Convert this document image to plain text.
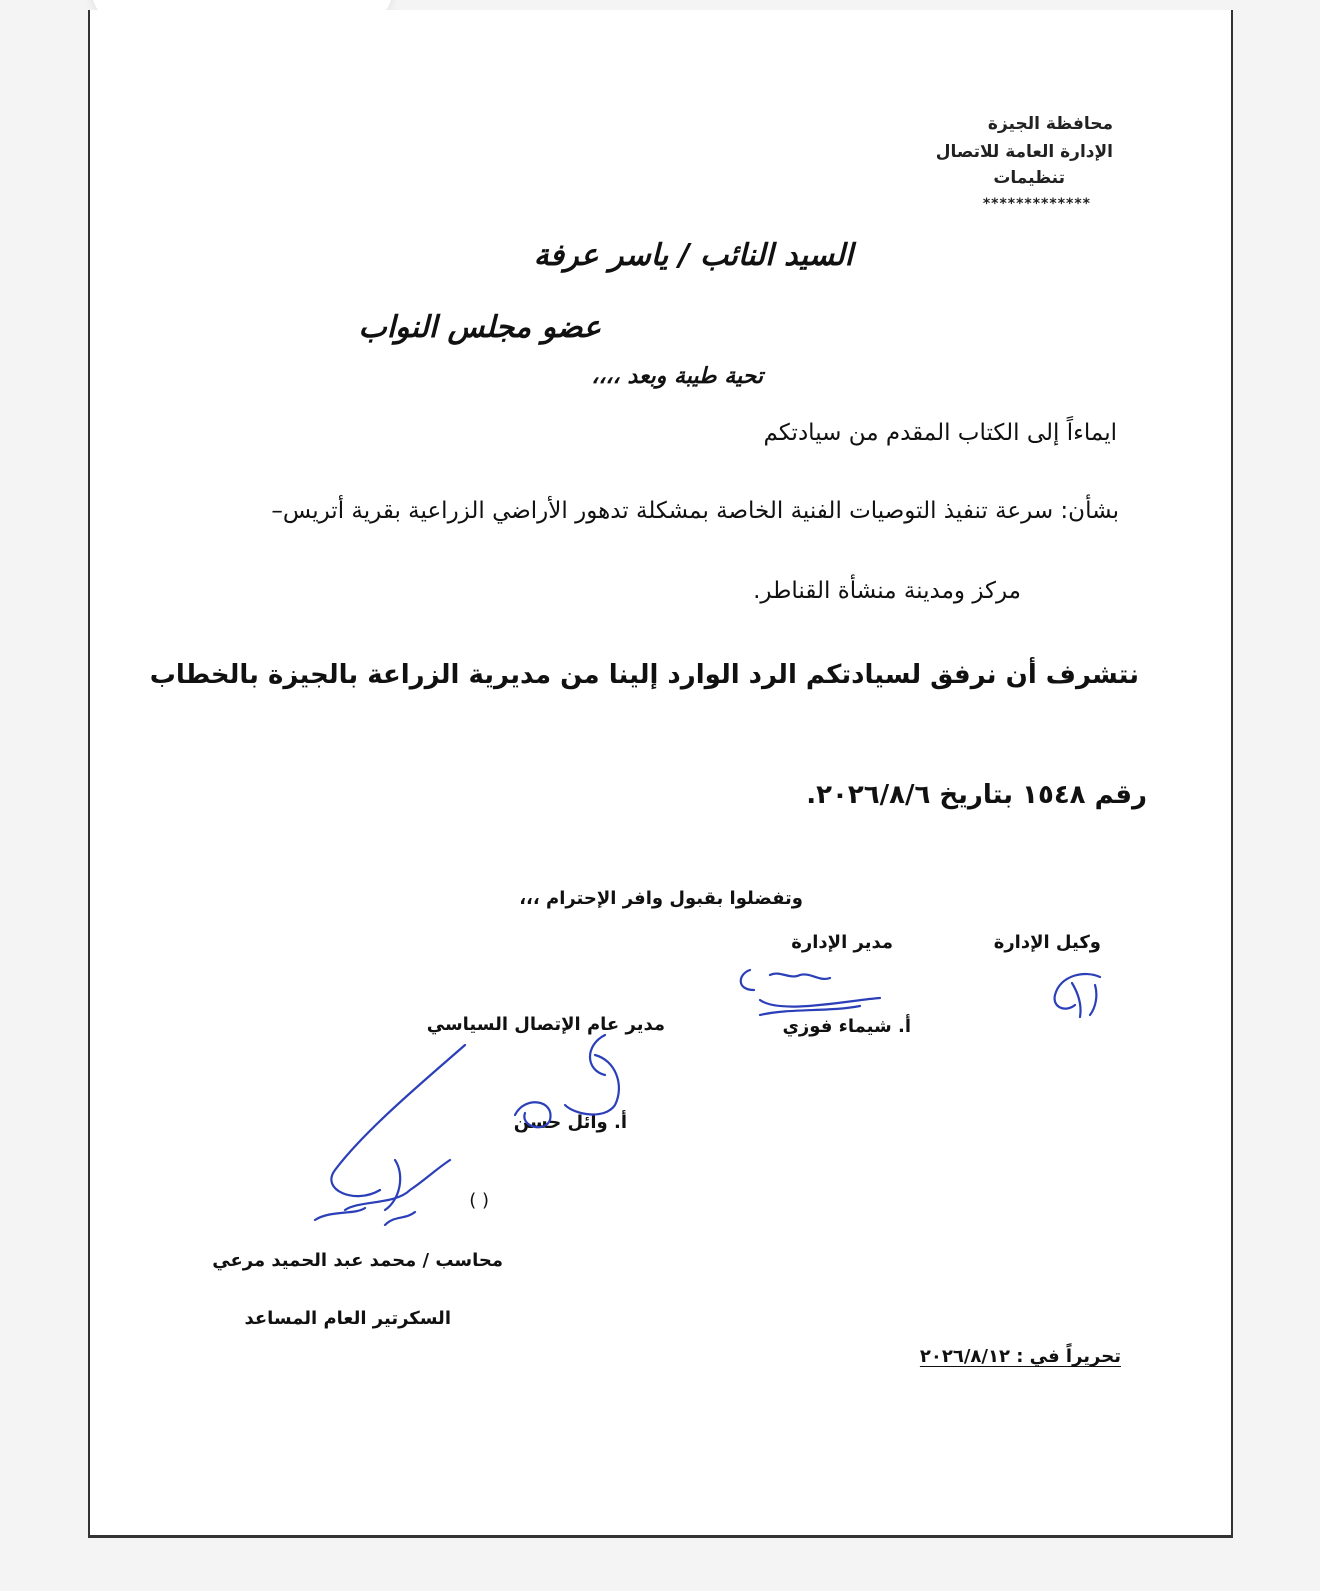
محافظة الجيزة
الإدارة العامة للاتصال
تنظيمات
*************
السيد النائب / ياسر عرفة
عضو مجلس النواب
تحية طيبة وبعد ،،،،
ايماءاً إلى الكتاب المقدم من سيادتكم
بشأن: سرعة تنفيذ التوصيات الفنية الخاصة بمشكلة تدهور الأراضي الزراعية بقرية أتريس–
مركز ومدينة منشأة القناطر.
نتشرف أن نرفق لسيادتكم الرد الوارد إلينا من مديرية الزراعة بالجيزة بالخطاب
رقم ١٥٤٨ بتاريخ ٢٠٢٦/٨/٦.
وتفضلوا بقبول وافر الإحترام ،،،
وكيل الإدارة
مدير الإدارة
أ. شيماء فوزي
مدير عام الإتصال السياسي
أ. وائل حسن
( )
محاسب / محمد عبد الحميد مرعي
السكرتير العام المساعد
تحريراً في : ٢٠٢٦/٨/١٢
